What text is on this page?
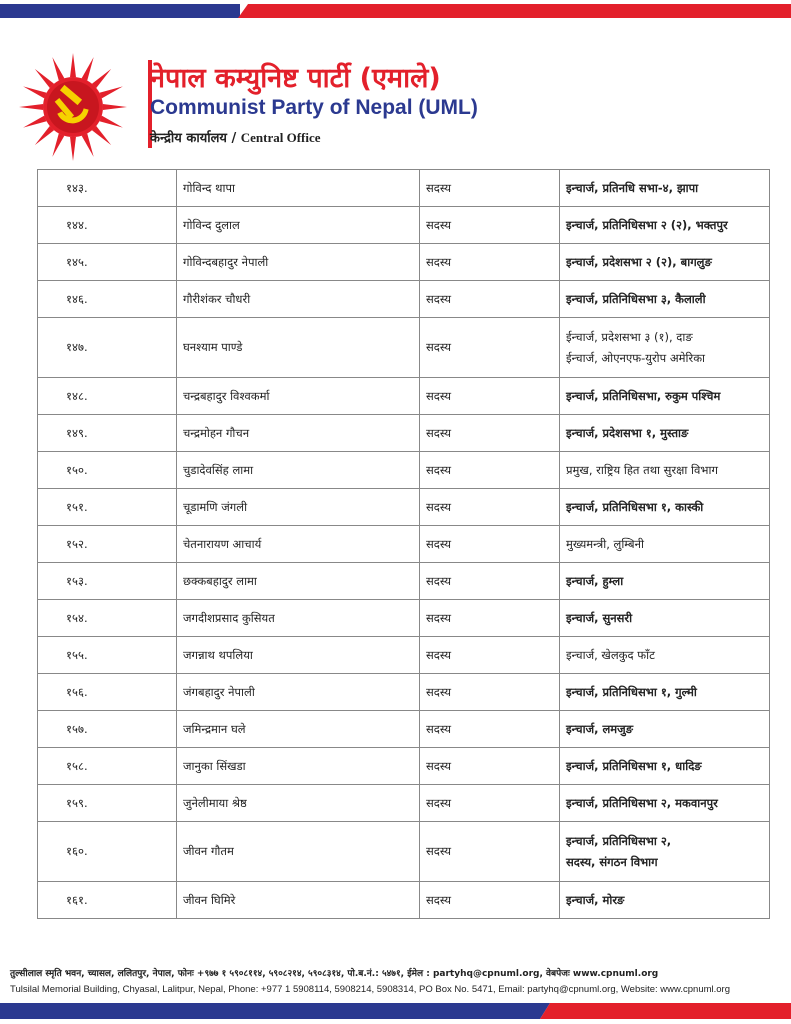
नेपाल कम्युनिष्ट पार्टी (एमाले)
Communist Party of Nepal (UML)
केन्द्रीय कार्यालय / Central Office
१४३.	गोविन्द थापा	सदस्य	इन्चार्ज, प्रतिनधि सभा-४, झापा

१४४.	गोविन्द दुलाल	सदस्य	इन्चार्ज, प्रतिनिधिसभा २ (२), भक्तपुर

१४५.	गोविन्दबहादुर नेपाली	सदस्य	इन्चार्ज, प्रदेशसभा २ (२), बागलुङ

१४६.	गौरीशंकर चौधरी	सदस्य	इन्चार्ज, प्रतिनिधिसभा ३, कैलाली

१४७.	घनश्याम पाण्डे	सदस्य	ईन्चार्ज, प्रदेशसभा ३ (१), दाङ
ईन्चार्ज, ओएनएफ-युरोप अमेरिका

१४८.	चन्द्रबहादुर विश्वकर्मा	सदस्य	इन्चार्ज, प्रतिनिधिसभा, रुकुम पश्चिम

१४९.	चन्द्रमोहन गौचन	सदस्य	इन्चार्ज, प्रदेशसभा १, मुस्ताङ

१५०.	चुडादेवसिंह लामा	सदस्य	प्रमुख, राष्ट्रिय हित तथा सुरक्षा विभाग

१५१.	चूडामणि जंगली	सदस्य	इन्चार्ज, प्रतिनिधिसभा १, कास्की

१५२.	चेतनारायण आचार्य	सदस्य	मुख्यमन्त्री, लुम्बिनी

१५३.	छक्कबहादुर लामा	सदस्य	इन्चार्ज, हुम्ला

१५४.	जगदीशप्रसाद कुसियत	सदस्य	इन्चार्ज, सुनसरी

१५५.	जगन्नाथ थपलिया	सदस्य	इन्चार्ज, खेलकुद फाँट

१५६.	जंगबहादुर नेपाली	सदस्य	इन्चार्ज, प्रतिनिधिसभा १, गुल्मी

१५७.	जमिन्द्रमान घले	सदस्य	इन्चार्ज, लमजुङ

१५८.	जानुका सिंखडा	सदस्य	इन्चार्ज, प्रतिनिधिसभा १, धादिङ

१५९.	जुनेलीमाया श्रेष्ठ	सदस्य	इन्चार्ज, प्रतिनिधिसभा २, मकवानपुर

१६०.	जीवन गौतम	सदस्य	इन्चार्ज, प्रतिनिधिसभा २,
सदस्य, संगठन विभाग

१६१.	जीवन घिमिरे	सदस्य	इन्चार्ज, मोरङ
तुल्सीलाल स्मृति भवन, च्यासल, ललितपुर, नेपाल, फोनः +९७७ १ ५९०८११४, ५९०८२१४, ५९०८३१४, पो.ब.नं.: ५४७१, ईमेल : partyhq@cpnuml.org, वेबपेजः www.cpnuml.org
Tulsilal Memorial Building, Chyasal, Lalitpur, Nepal, Phone: +977 1 5908114, 5908214, 5908314, PO Box No. 5471, Email: partyhq@cpnuml.org, Website: www.cpnuml.org
